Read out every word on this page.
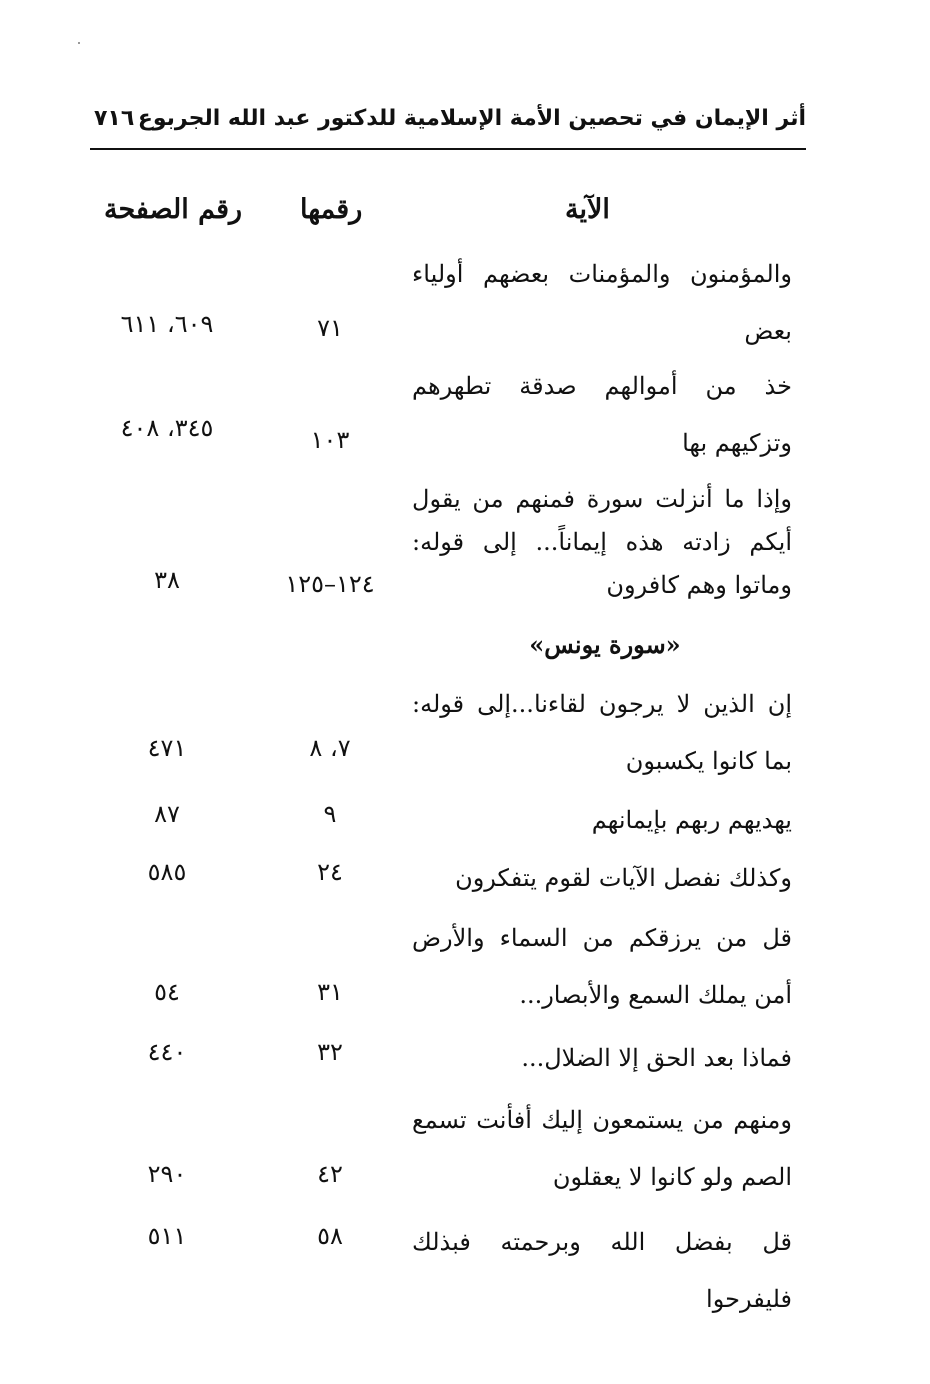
أثر الإيمان في تحصين الأمة الإسلامية للدكتور عبد الله الجربوع
٧١٦
الآية
رقمها
رقم الصفحة
والمؤمنون والمؤمنات بعضهم أولياء بعض
٧١
٦٠٩، ٦١١
خذ من أموالهم صدقة تطهرهم وتزكيهم بها
١٠٣
٣٤٥، ٤٠٨
وإذا ما أنزلت سورة فمنهم من يقول أيكم زادته هذه إيماناً... إلى قوله: وماتوا وهم كافرون
١٢٤–١٢٥
٣٨
«سورة يونس»
إن الذين لا يرجون لقاءنا...إلى قوله: بما كانوا يكسبون
٧، ٨
٤٧١
يهديهم ربهم بإيمانهم
٩
٨٧
وكذلك نفصل الآيات لقوم يتفكرون
٢٤
٥٨٥
قل من يرزقكم من السماء والأرض أمن يملك السمع والأبصار...
٣١
٥٤
فماذا بعد الحق إلا الضلال...
٣٢
٤٤٠
ومنهم من يستمعون إليك أفأنت تسمع الصم ولو كانوا لا يعقلون
٤٢
٢٩٠
قل بفضل الله وبرحمته فبذلك فليفرحوا
٥٨
٥١١
